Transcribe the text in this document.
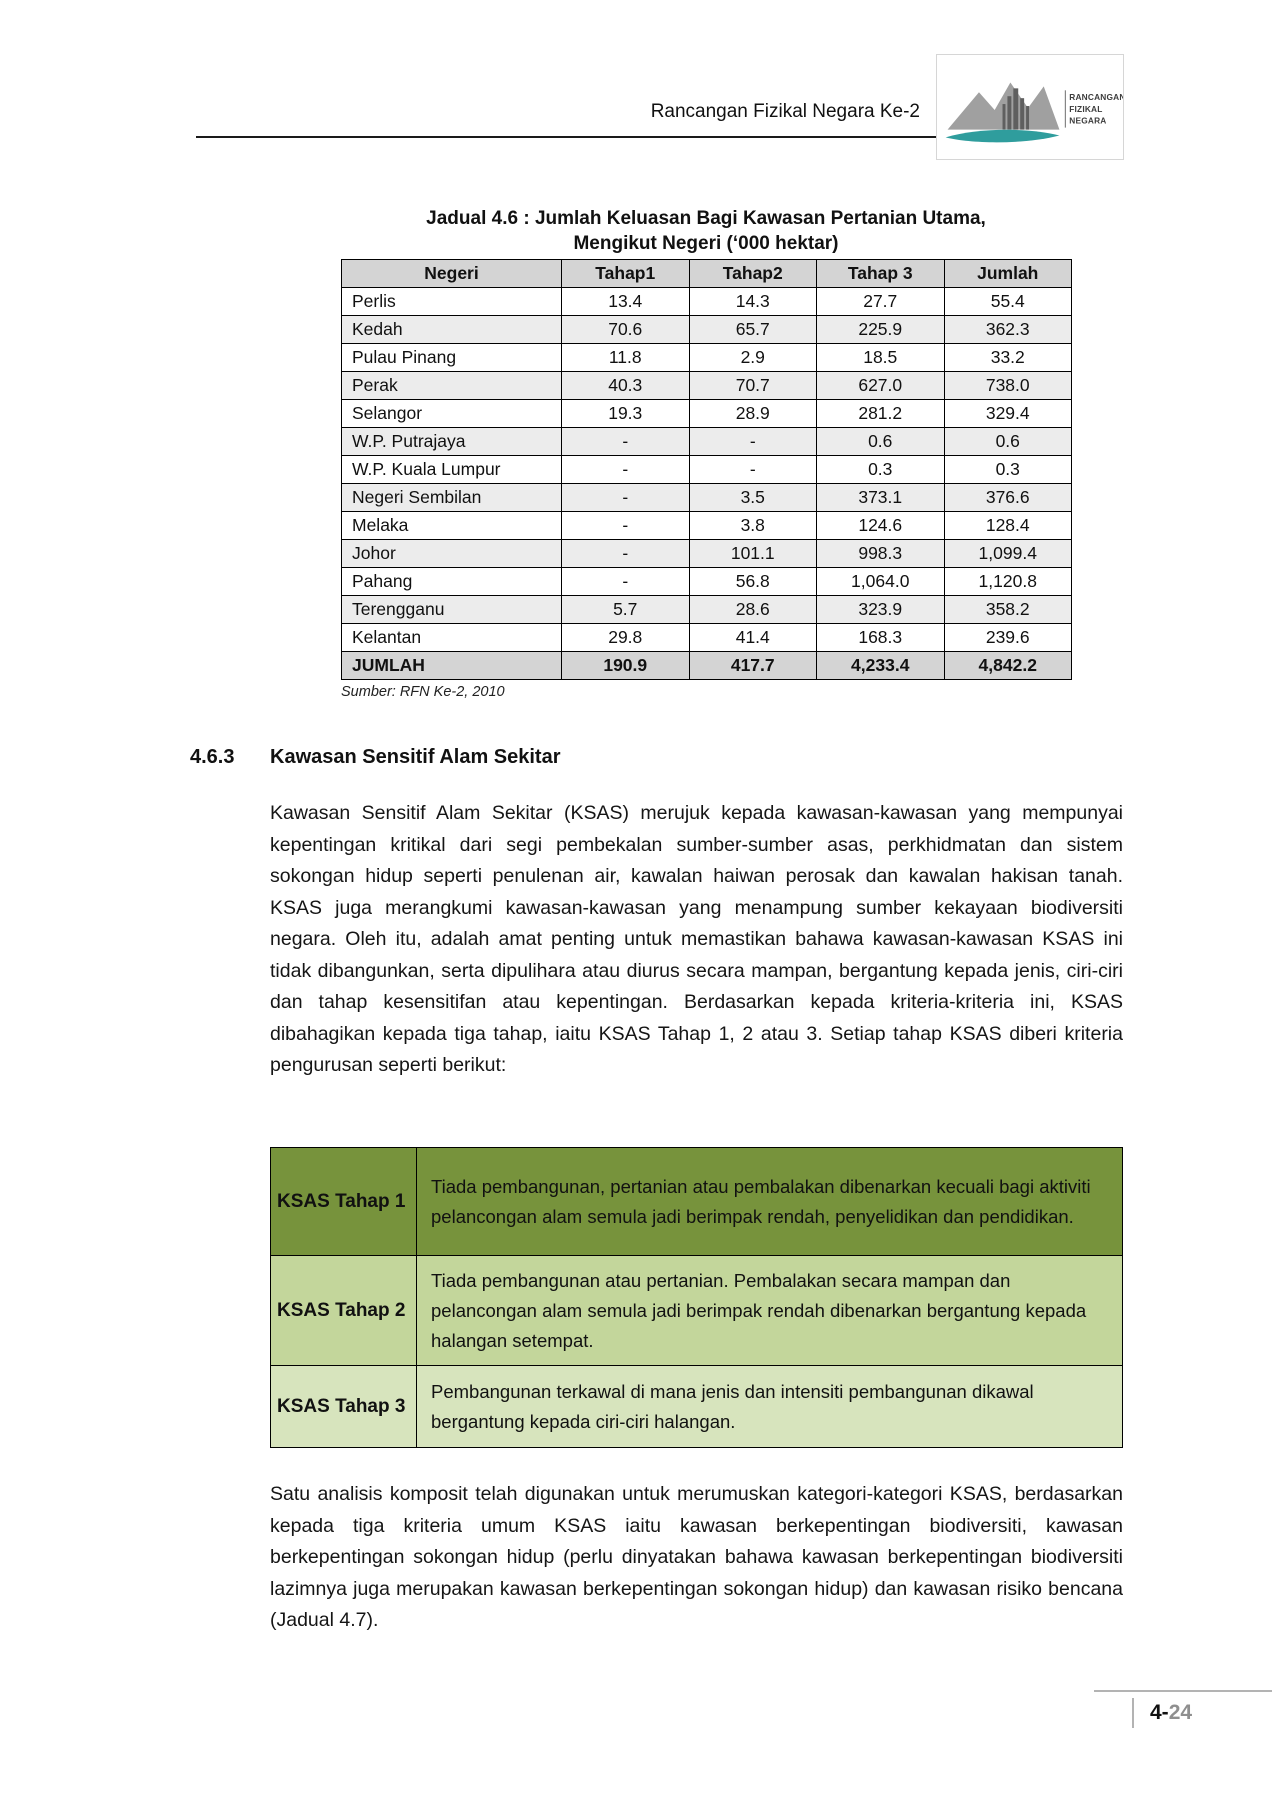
Rancangan Fizikal Negara Ke-2
RANCANGAN
FIZIKAL
NEGARA
Jadual 4.6 : Jumlah Keluasan Bagi Kawasan Pertanian Utama,
Mengikut Negeri (‘000 hektar)
Negeri	Tahap1	Tahap2	Tahap 3	Jumlah
Perlis	13.4	14.3	27.7	55.4
Kedah	70.6	65.7	225.9	362.3
Pulau Pinang	11.8	2.9	18.5	33.2
Perak	40.3	70.7	627.0	738.0
Selangor	19.3	28.9	281.2	329.4
W.P. Putrajaya	-	-	0.6	0.6
W.P. Kuala Lumpur	-	-	0.3	0.3
Negeri Sembilan	-	3.5	373.1	376.6
Melaka	-	3.8	124.6	128.4
Johor	-	101.1	998.3	1,099.4
Pahang	-	56.8	1,064.0	1,120.8
Terengganu	5.7	28.6	323.9	358.2
Kelantan	29.8	41.4	168.3	239.6
JUMLAH	190.9	417.7	4,233.4	4,842.2
Sumber: RFN Ke-2, 2010
4.6.3 Kawasan Sensitif Alam Sekitar

Kawasan Sensitif Alam Sekitar (KSAS) merujuk kepada kawasan-kawasan yang mempunyai kepentingan kritikal dari segi pembekalan sumber-sumber asas, perkhidmatan dan sistem sokongan hidup seperti penulenan air, kawalan haiwan perosak dan kawalan hakisan tanah. KSAS juga merangkumi kawasan-kawasan yang menampung sumber kekayaan biodiversiti negara. Oleh itu, adalah amat penting untuk memastikan bahawa kawasan-kawasan KSAS ini tidak dibangunkan, serta dipulihara atau diurus secara mampan, bergantung kepada jenis, ciri-ciri dan tahap kesensitifan atau kepentingan. Berdasarkan kepada kriteria-kriteria ini, KSAS dibahagikan kepada tiga tahap, iaitu KSAS Tahap 1, 2 atau 3. Setiap tahap KSAS diberi kriteria pengurusan seperti berikut:

KSAS Tahap 1	Tiada pembangunan, pertanian atau pembalakan dibenarkan kecuali bagi aktiviti pelancongan alam semula jadi berimpak rendah, penyelidikan dan pendidikan.
KSAS Tahap 2	Tiada pembangunan atau pertanian. Pembalakan secara mampan dan pelancongan alam semula jadi berimpak rendah dibenarkan bergantung kepada halangan setempat.
KSAS Tahap 3	Pembangunan terkawal di mana jenis dan intensiti pembangunan dikawal bergantung kepada ciri-ciri halangan.

Satu analisis komposit telah digunakan untuk merumuskan kategori-kategori KSAS, berdasarkan kepada tiga kriteria umum KSAS iaitu kawasan berkepentingan biodiversiti, kawasan berkepentingan sokongan hidup (perlu dinyatakan bahawa kawasan berkepentingan biodiversiti lazimnya juga merupakan kawasan berkepentingan sokongan hidup) dan kawasan risiko bencana (Jadual 4.7).

4-24
